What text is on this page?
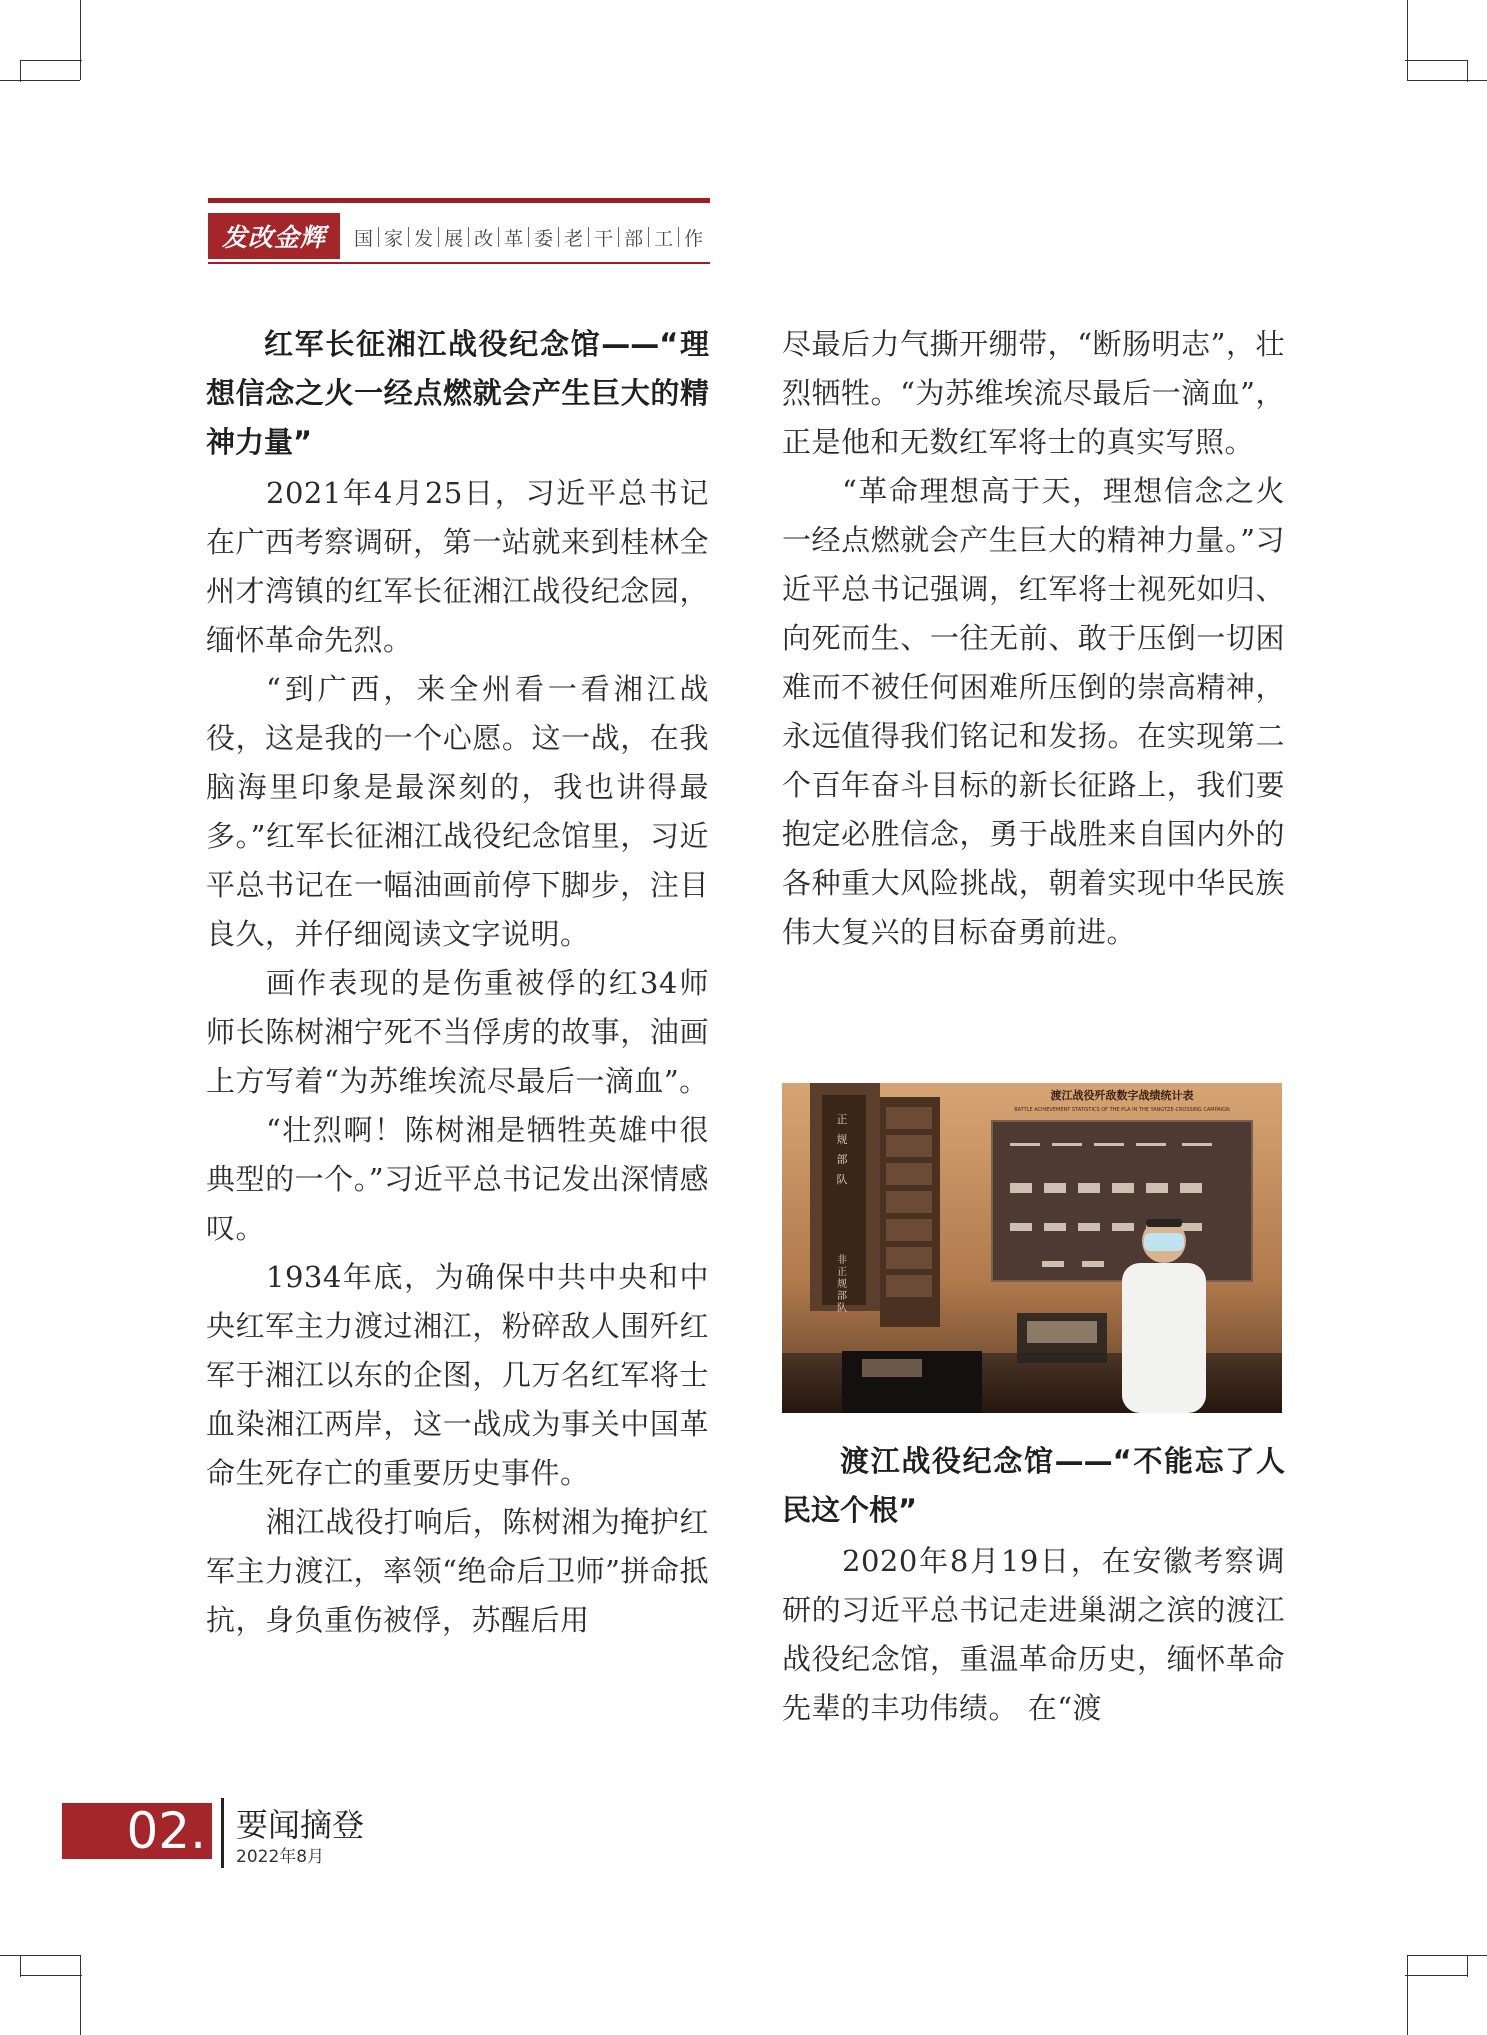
发改金辉	国 家 发 展 改 革 委 老 干 部 工 作
红军长征湘江战役纪念馆——“理想信念之火一经点燃就会产生巨大的精神力量”

2021年4月25日，习近平总书记在广西考察调研，第一站就来到桂林全州才湾镇的红军长征湘江战役纪念园，缅怀革命先烈。

“到广西，来全州看一看湘江战役，这是我的一个心愿。这一战，在我脑海里印象是最深刻的，我也讲得最多。”红军长征湘江战役纪念馆里，习近平总书记在一幅油画前停下脚步，注目良久，并仔细阅读文字说明。

画作表现的是伤重被俘的红34师师长陈树湘宁死不当俘虏的故事，油画上方写着“为苏维埃流尽最后一滴血”。

“壮烈啊！陈树湘是牺牲英雄中很典型的一个。”习近平总书记发出深情感叹。

1934年底，为确保中共中央和中央红军主力渡过湘江，粉碎敌人围歼红军于湘江以东的企图，几万名红军将士血染湘江两岸，这一战成为事关中国革命生死存亡的重要历史事件。

湘江战役打响后，陈树湘为掩护红军主力渡江，率领“绝命后卫师”拼命抵抗，身负重伤被俘，苏醒后用

尽最后力气撕开绷带，“断肠明志”，壮烈牺牲。“为苏维埃流尽最后一滴血”，正是他和无数红军将士的真实写照。

“革命理想高于天，理想信念之火一经点燃就会产生巨大的精神力量。”习近平总书记强调，红军将士视死如归、向死而生、一往无前、敢于压倒一切困难而不被任何困难所压倒的崇高精神，永远值得我们铭记和发扬。在实现第二个百年奋斗目标的新长征路上，我们要抱定必胜信念，勇于战胜来自国内外的各种重大风险挑战，朝着实现中华民族伟大复兴的目标奋勇前进。

正
规
部
队
非
正
规
部
队
渡江战役歼敌数字战绩统计表
BATTLE ACHIEVEMENT STATISTICS OF THE PLA IN THE YANGTZE-CROSSING CAMPAIGN
渡江战役纪念馆——“不能忘了人民这个根”

2020年8月19日，在安徽考察调研的习近平总书记走进巢湖之滨的渡江战役纪念馆，重温革命历史，缅怀革命先辈的丰功伟绩。 在“渡

02. 要闻摘登
2022年8月
